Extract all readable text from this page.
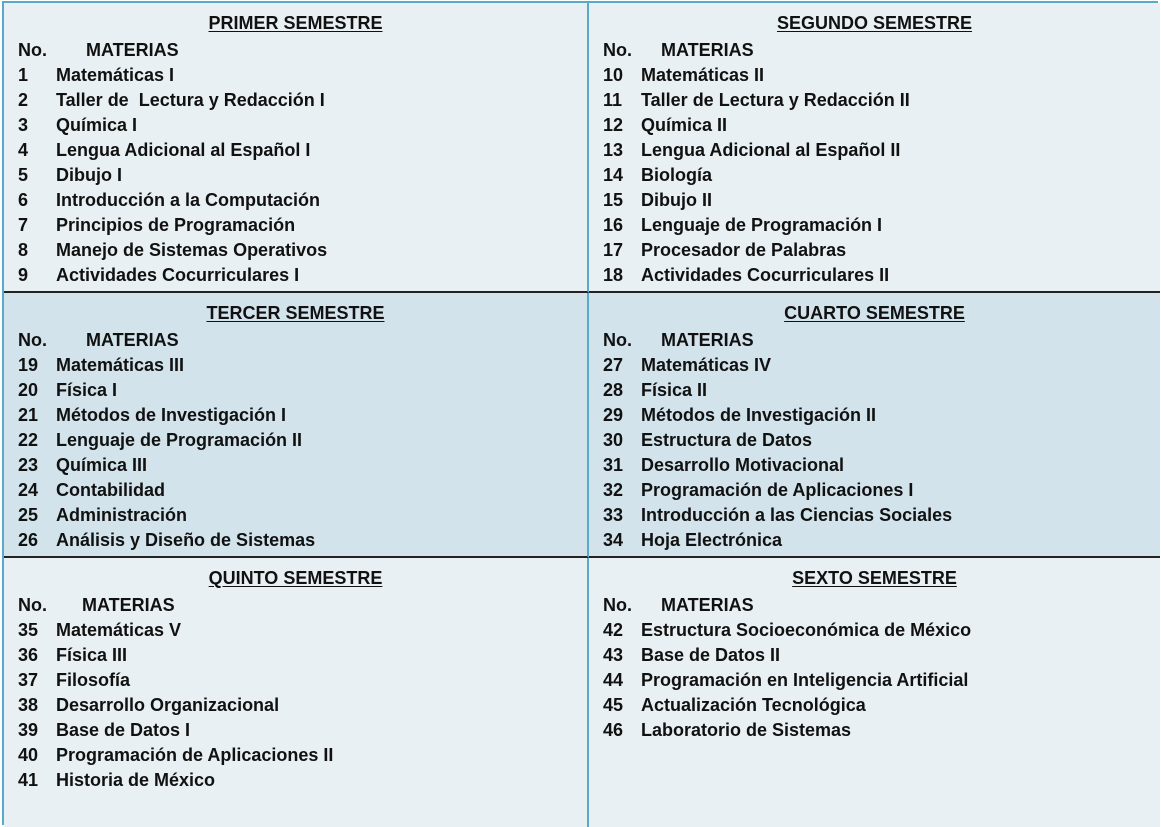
PRIMER SEMESTRE
No.	MATERIAS
1	Matemáticas I
2	Taller de  Lectura y Redacción I
3	Química I
4	Lengua Adicional al Español I
5	Dibujo I
6	Introducción a la Computación
7	Principios de Programación
8	Manejo de Sistemas Operativos
9	Actividades Cocurriculares I
SEGUNDO SEMESTRE
No.	MATERIAS
10 Matemáticas II
11	Taller de Lectura y Redacción II
12 Química II
13 Lengua Adicional al Español II
14 Biología
15 Dibujo II
16 Lenguaje de Programación I
17 Procesador de Palabras
18 Actividades Cocurriculares II
TERCER SEMESTRE
No.	MATERIAS
19 Matemáticas III
20 Física I
21 Métodos de Investigación I
22 Lenguaje de Programación II
23 Química III
24 Contabilidad
25 Administración
26 Análisis y Diseño de Sistemas
CUARTO SEMESTRE
No.	MATERIAS
27 Matemáticas IV
28 Física II
29 Métodos de Investigación II
30 Estructura de Datos
31 Desarrollo Motivacional
32 Programación de Aplicaciones I
33 Introducción a las Ciencias Sociales
34 Hoja Electrónica
QUINTO SEMESTRE
No.	MATERIAS
35 Matemáticas V
36 Física III
37 Filosofía
38 Desarrollo Organizacional
39 Base de Datos I
40 Programación de Aplicaciones II
41 Historia de México
SEXTO SEMESTRE
No.	MATERIAS
42 Estructura Socioeconómica de México
43 Base de Datos II
44 Programación en Inteligencia Artificial
45 Actualización Tecnológica
46 Laboratorio de Sistemas
